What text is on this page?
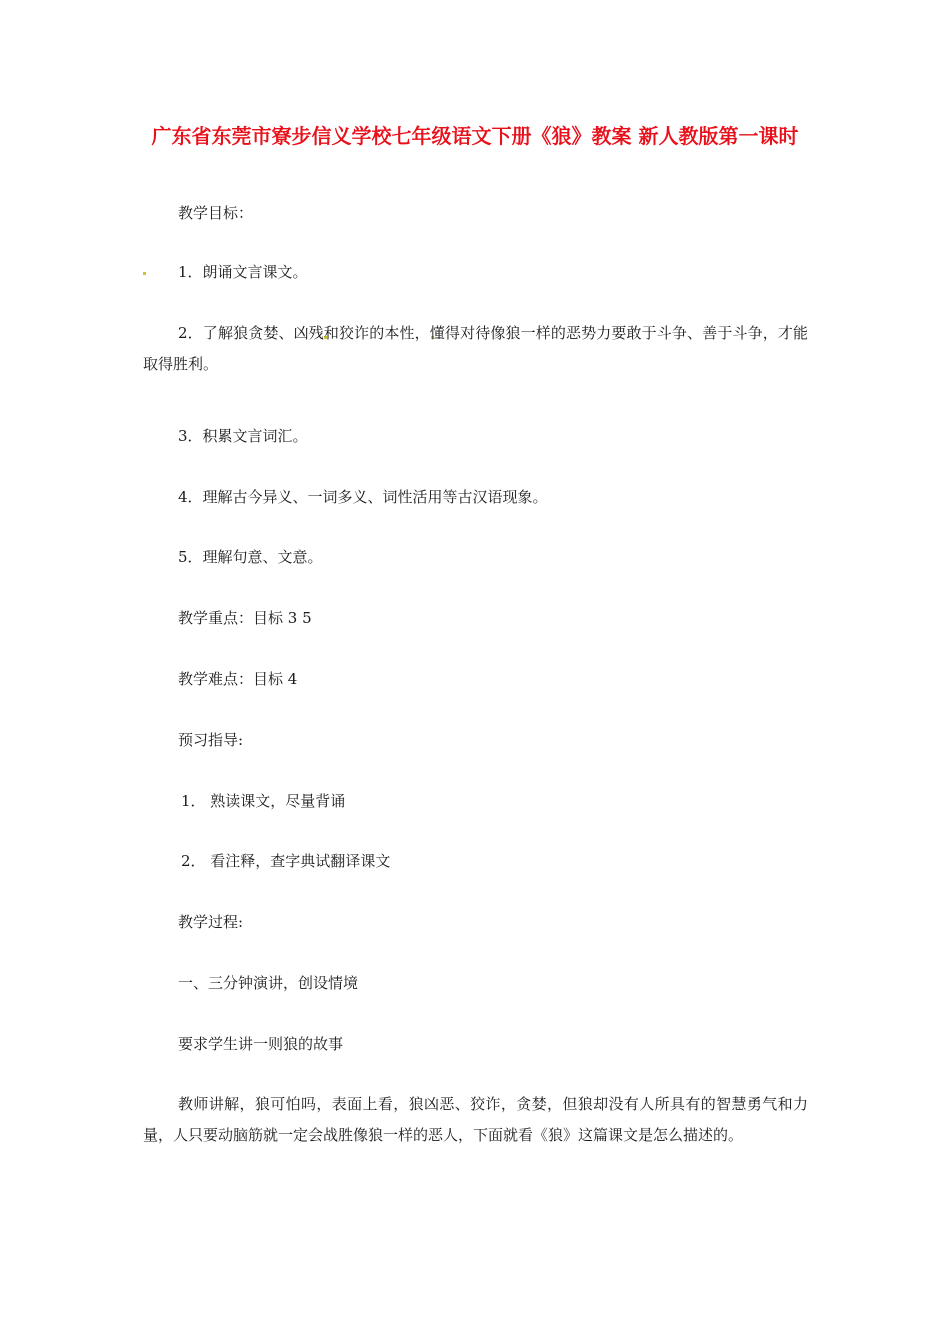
广东省东莞市寮步信义学校七年级语文下册《狼》教案 新人教版第一课时
教学目标：
1．朗诵文言课文。
2．了解狼贪婪、凶残和狡诈的本性，懂得对待像狼一样的恶势力要敢于斗争、善于斗争，才能取得胜利。
3．积累文言词汇。
4．理解古今异义、一词多义、词性活用等古汉语现象。
5．理解句意、文意。
教学重点：目标 3 5
教学难点：目标 4
预习指导:
1． 熟读课文，尽量背诵
2． 看注释，查字典试翻译课文
教学过程:
一、三分钟演讲，创设情境
要求学生讲一则狼的故事
教师讲解，狼可怕吗，表面上看，狼凶恶、狡诈，贪婪，但狼却没有人所具有的智慧勇气和力量，人只要动脑筋就一定会战胜像狼一样的恶人，下面就看《狼》这篇课文是怎么描述的。
